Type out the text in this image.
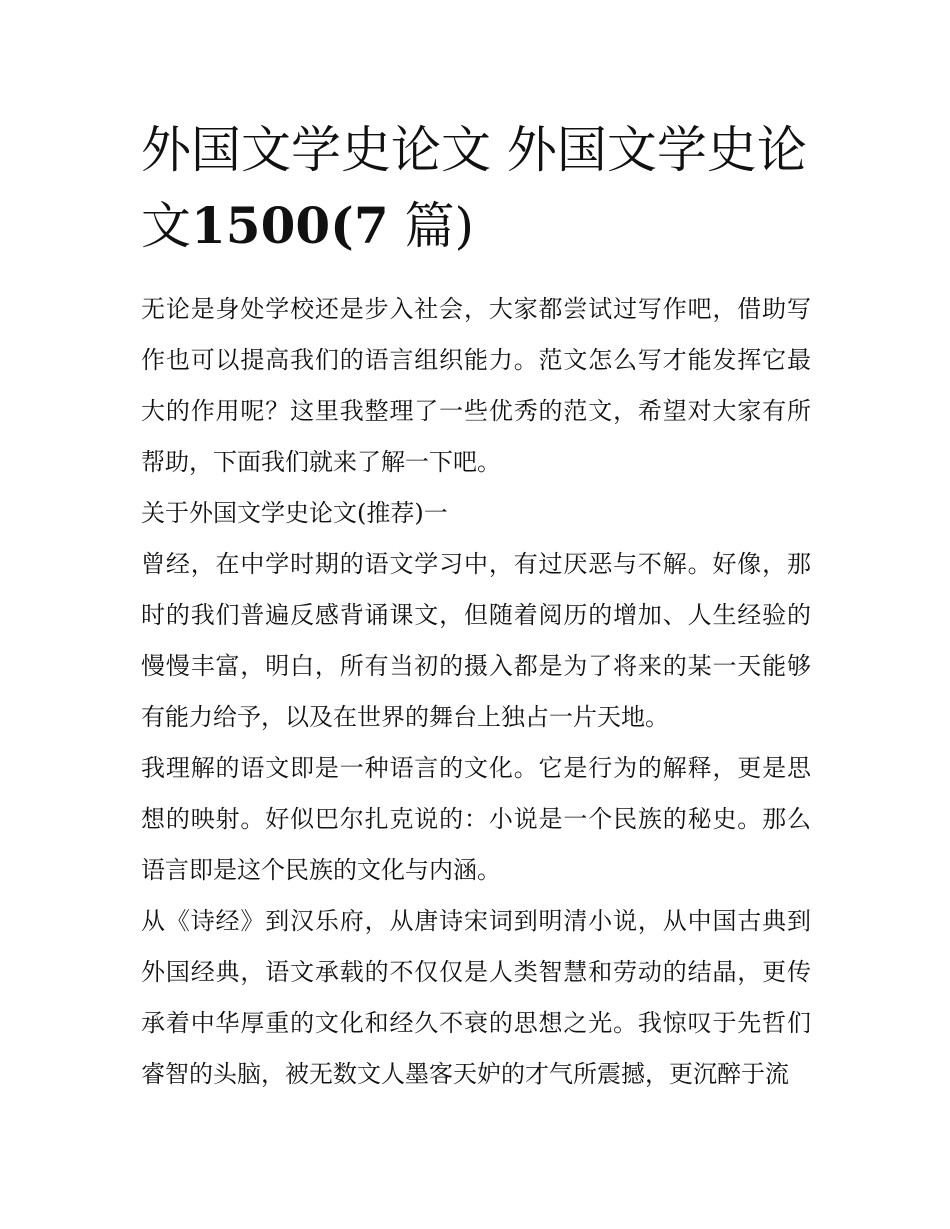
外国文学史论文 外国文学史论文1500(7 篇)

无论是身处学校还是步入社会，大家都尝试过写作吧，借助写作也可以提高我们的语言组织能力。范文怎么写才能发挥它最大的作用呢？这里我整理了一些优秀的范文，希望对大家有所帮助，下面我们就来了解一下吧。

关于外国文学史论文(推荐)一

曾经，在中学时期的语文学习中，有过厌恶与不解。好像，那时的我们普遍反感背诵课文，但随着阅历的增加、人生经验的慢慢丰富，明白，所有当初的摄入都是为了将来的某一天能够有能力给予，以及在世界的舞台上独占一片天地。

我理解的语文即是一种语言的文化。它是行为的解释，更是思想的映射。好似巴尔扎克说的：小说是一个民族的秘史。那么语言即是这个民族的文化与内涵。

从《诗经》到汉乐府，从唐诗宋词到明清小说，从中国古典到外国经典，语文承载的不仅仅是人类智慧和劳动的结晶，更传承着中华厚重的文化和经久不衰的思想之光。我惊叹于先哲们睿智的头脑，被无数文人墨客天妒的才气所震撼，更沉醉于流
